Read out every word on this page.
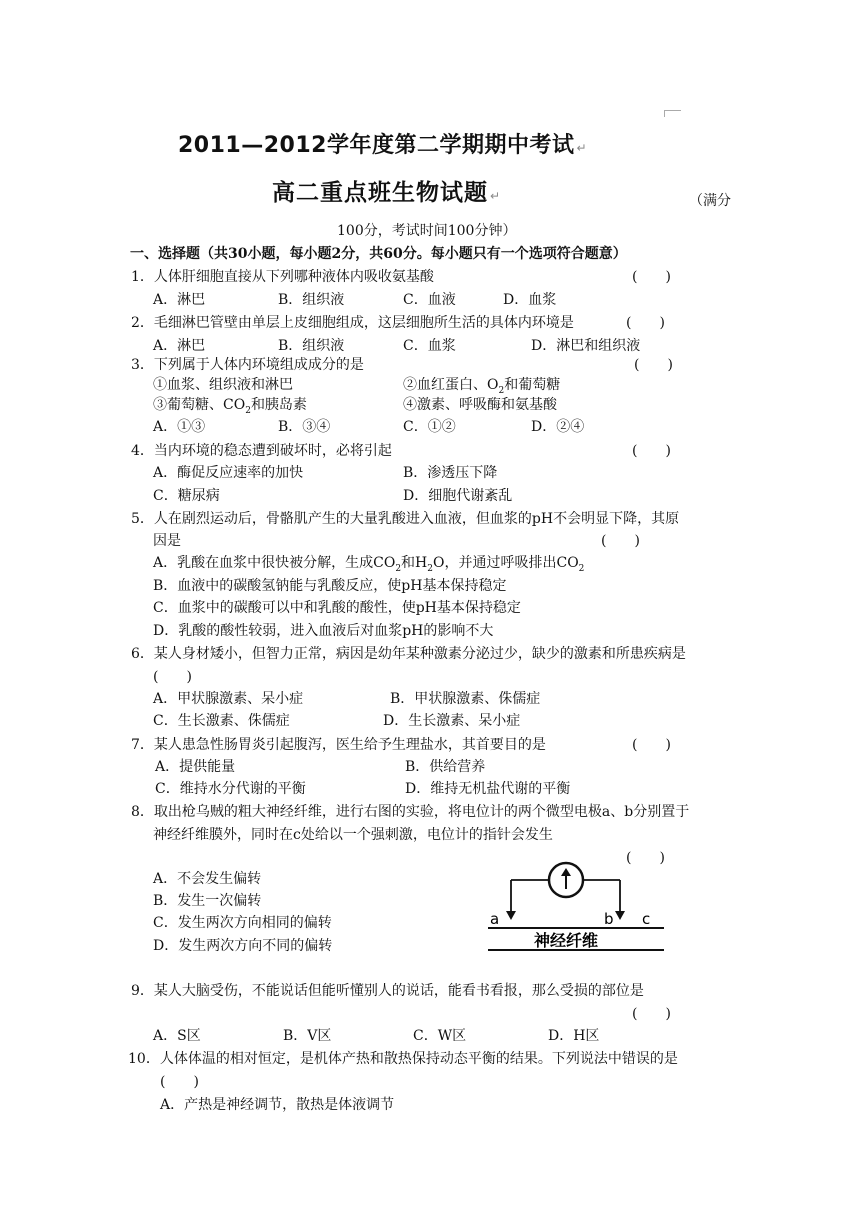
2011—2012学年度第二学期期中考试 ↵
高二重点班生物试题 ↵	（满分
100分，考试时间100分钟）
一、选择题（共30小题，每小题2分，共60分。每小题只有一个选项符合题意）
1．人体肝细胞直接从下列哪种液体内吸收氨基酸	(　　)
A．淋巴	B．组织液	C．血液	D．血浆
2．毛细淋巴管壁由单层上皮细胞组成，这层细胞所生活的具体内环境是	(　　)
A．淋巴	B．组织液	C．血浆	D．淋巴和组织液
3．下列属于人体内环境组成成分的是	(　　)
①血浆、组织液和淋巴	②血红蛋白、$O_2$和葡萄糖
③葡萄糖、$CO_2$和胰岛素	④激素、呼吸酶和氨基酸
A．①③	B．③④	C．①②	D．②④
4．当内环境的稳态遭到破坏时，必将引起	(　　)
A．酶促反应速率的加快	B．渗透压下降
C．糖尿病	D．细胞代谢紊乱
5．人在剧烈运动后，骨骼肌产生的大量乳酸进入血液，但血浆的pH不会明显下降，其原
因是	(　　)
A．乳酸在血浆中很快被分解，生成$CO_2$和$H_2O$，并通过呼吸排出$CO_2$
B．血液中的碳酸氢钠能与乳酸反应，使pH基本保持稳定
C．血浆中的碳酸可以中和乳酸的酸性，使pH基本保持稳定
D．乳酸的酸性较弱，进入血液后对血浆pH的影响不大
6．某人身材矮小，但智力正常，病因是幼年某种激素分泌过少，缺少的激素和所患疾病是
(　　)
A．甲状腺激素、呆小症	B．甲状腺激素、侏儒症
C．生长激素、侏儒症	D．生长激素、呆小症
7．某人患急性肠胃炎引起腹泻，医生给予生理盐水，其首要目的是	(　　)
A．提供能量	B．供给营养
C．维持水分代谢的平衡	D．维持无机盐代谢的平衡
8．取出枪乌贼的粗大神经纤维，进行右图的实验，将电位计的两个微型电极a、b分别置于
神经纤维膜外，同时在c处给以一个强刺激，电位计的指针会发生
(　　)
A．不会发生偏转
B．发生一次偏转
C．发生两次方向相同的偏转
D．发生两次方向不同的偏转
a	b c
神经纤维
9．某人大脑受伤，不能说话但能听懂别人的说话，能看书看报，那么受损的部位是
(　　)
A．S区	B．V区	C．W区	D．H区
10．人体体温的相对恒定，是机体产热和散热保持动态平衡的结果。下列说法中错误的是
(　　)
A．产热是神经调节，散热是体液调节
